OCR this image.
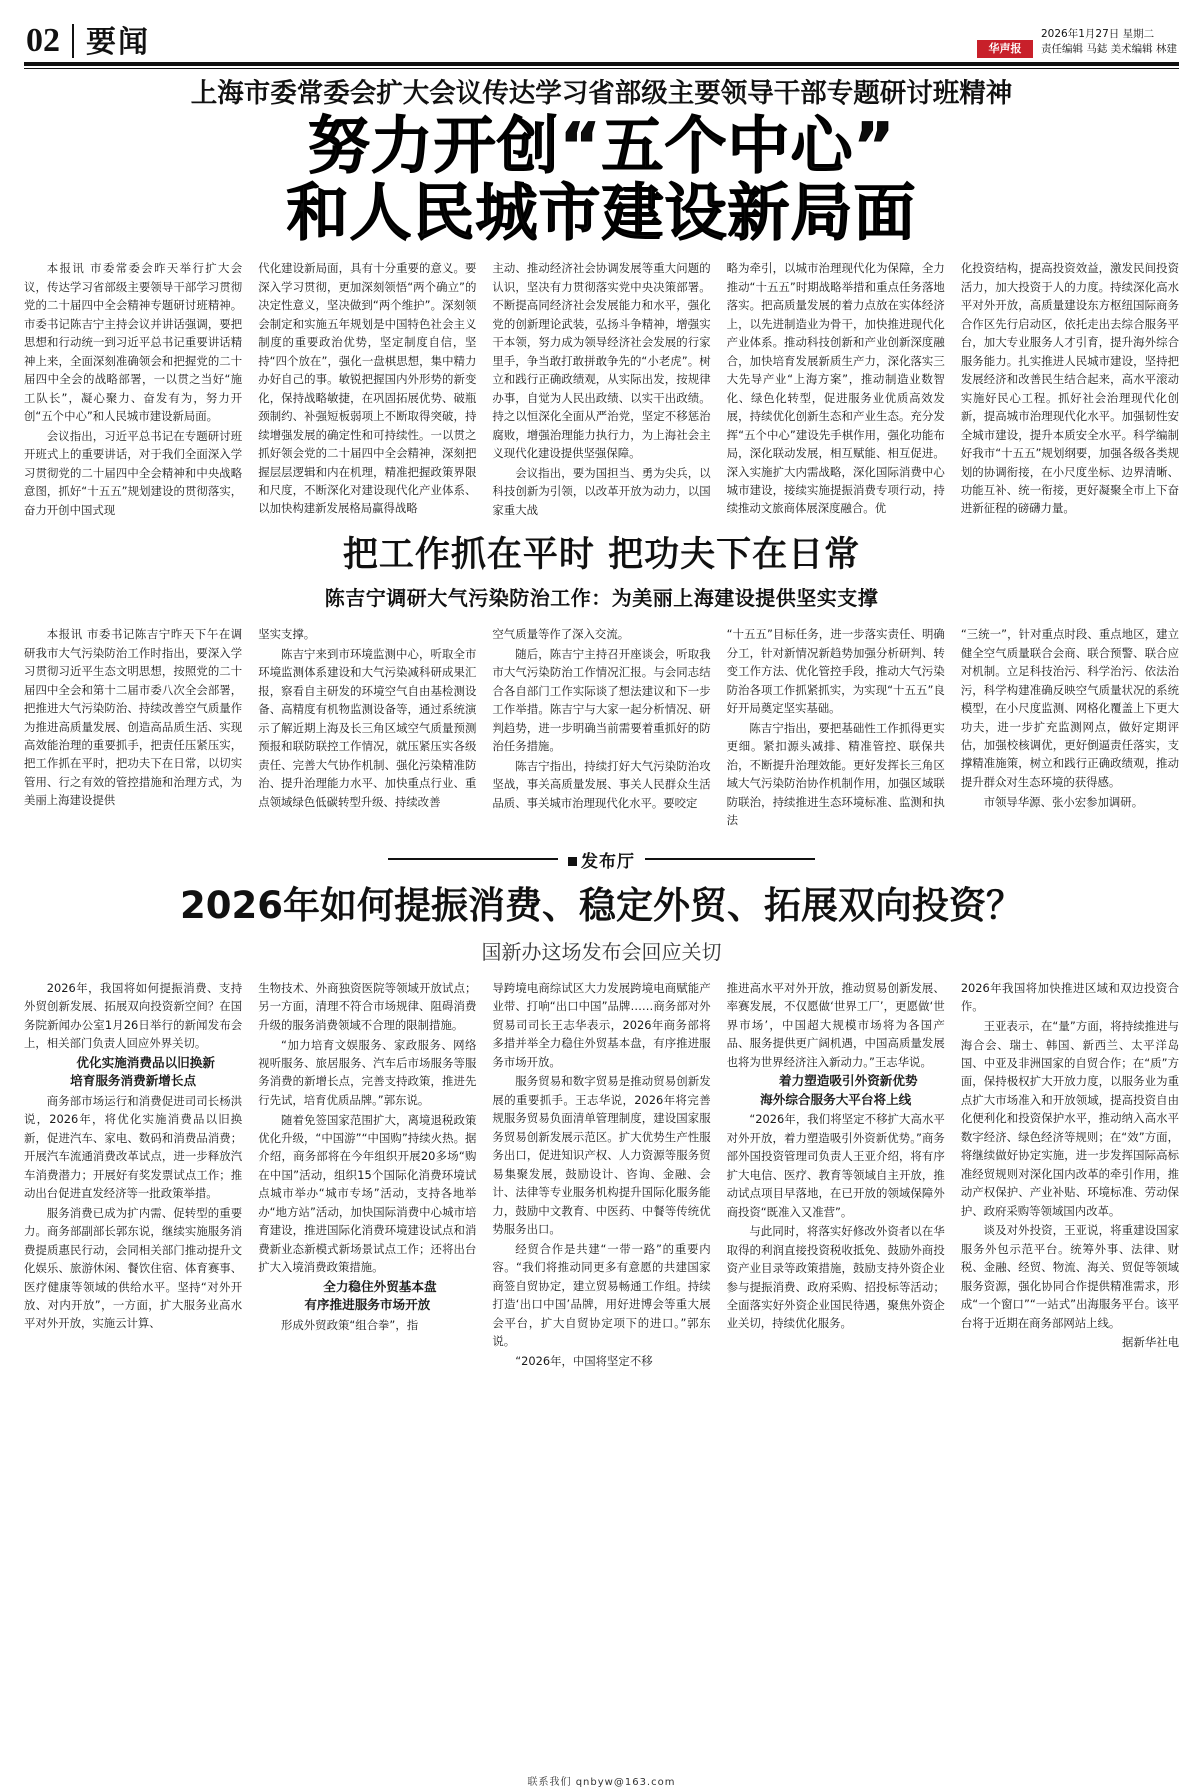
02 要闻	华声报
2026年1月27日 星期二
责任编辑 马鋕 美术编辑 林建
上海市委常委会扩大会议传达学习省部级主要领导干部专题研讨班精神
努力开创“五个中心”
和人民城市建设新局面

本报讯 市委常委会昨天举行扩大会议，传达学习省部级主要领导干部学习贯彻党的二十届四中全会精神专题研讨班精神。市委书记陈吉宁主持会议并讲话强调，要把思想和行动统一到习近平总书记重要讲话精神上来，全面深刻准确领会和把握党的二十届四中全会的战略部署，一以贯之当好“施工队长”，凝心聚力、奋发有为，努力开创“五个中心”和人民城市建设新局面。

会议指出，习近平总书记在专题研讨班开班式上的重要讲话，对于我们全面深入学习贯彻党的二十届四中全会精神和中央战略意图，抓好“十五五”规划建设的贯彻落实，奋力开创中国式现

代化建设新局面，具有十分重要的意义。要深入学习贯彻，更加深刻领悟“两个确立”的决定性意义，坚决做到“两个维护”。深刻领会制定和实施五年规划是中国特色社会主义制度的重要政治优势，坚定制度自信，坚持“四个放在”，强化一盘棋思想，集中精力办好自己的事。敏锐把握国内外形势的新变化，保持战略敏捷，在巩固拓展优势、破瓶颈制约、补强短板弱项上不断取得突破，持续增强发展的确定性和可持续性。一以贯之抓好领会党的二十届四中全会精神，深刻把握层层逻辑和内在机理，精准把握政策界限和尺度，不断深化对建设现代化产业体系、以加快构建新发展格局赢得战略

主动、推动经济社会协调发展等重大问题的认识，坚决有力贯彻落实党中央决策部署。不断提高同经济社会发展能力和水平，强化党的创新理论武装，弘扬斗争精神，增强实干本领，努力成为领导经济社会发展的行家里手，争当敢打敢拼敢争先的“小老虎”。树立和践行正确政绩观，从实际出发，按规律办事，自觉为人民出政绩、以实干出政绩。持之以恒深化全面从严治党，坚定不移惩治腐败，增强治理能力执行力，为上海社会主义现代化建设提供坚强保障。

会议指出，要为国担当、勇为尖兵，以科技创新为引领，以改革开放为动力，以国家重大战

略为牵引，以城市治理现代化为保障，全力推动“十五五”时期战略举措和重点任务落地落实。把高质量发展的着力点放在实体经济上，以先进制造业为骨干，加快推进现代化产业体系。推动科技创新和产业创新深度融合，加快培育发展新质生产力，深化落实三大先导产业“上海方案”，推动制造业数智化、绿色化转型，促进服务业优质高效发展，持续优化创新生态和产业生态。充分发挥“五个中心”建设先手棋作用，强化功能布局，深化联动发展，相互赋能、相互促进。深入实施扩大内需战略，深化国际消费中心城市建设，接续实施提振消费专项行动，持续推动文旅商体展深度融合。优

化投资结构，提高投资效益，激发民间投资活力，加大投资于人的力度。持续深化高水平对外开放，高质量建设东方枢纽国际商务合作区先行启动区，依托走出去综合服务平台，加大专业服务人才引育，提升海外综合服务能力。扎实推进人民城市建设，坚持把发展经济和改善民生结合起来，高水平滚动实施好民心工程。抓好社会治理现代化创新，提高城市治理现代化水平。加强韧性安全城市建设，提升本质安全水平。科学编制好我市“十五五”规划纲要，加强各级各类规划的协调衔接，在小尺度坐标、边界清晰、功能互补、统一衔接，更好凝聚全市上下奋进新征程的磅礴力量。

把工作抓在平时 把功夫下在日常
陈吉宁调研大气污染防治工作：为美丽上海建设提供坚实支撑

本报讯 市委书记陈吉宁昨天下午在调研我市大气污染防治工作时指出，要深入学习贯彻习近平生态文明思想，按照党的二十届四中全会和第十二届市委八次全会部署，把推进大气污染防治、持续改善空气质量作为推进高质量发展、创造高品质生活、实现高效能治理的重要抓手，把责任压紧压实，把工作抓在平时，把功夫下在日常，以切实管用、行之有效的管控措施和治理方式，为美丽上海建设提供

坚实支撑。

陈吉宁来到市环境监测中心，听取全市环境监测体系建设和大气污染减科研成果汇报，察看自主研发的环境空气自由基检测设备、高精度有机物监测设备等，通过系统演示了解近期上海及长三角区域空气质量预测预报和联防联控工作情况，就压紧压实各级责任、完善大气协作机制、强化污染精准防治、提升治理能力水平、加快重点行业、重点领域绿色低碳转型升级、持续改善

空气质量等作了深入交流。

随后，陈吉宁主持召开座谈会，听取我市大气污染防治工作情况汇报。与会同志结合各自部门工作实际谈了想法建议和下一步工作举措。陈吉宁与大家一起分析情况、研判趋势，进一步明确当前需要着重抓好的防治任务措施。

陈吉宁指出，持续打好大气污染防治攻坚战，事关高质量发展、事关人民群众生活品质、事关城市治理现代化水平。要咬定

“十五五”目标任务，进一步落实责任、明确分工，针对新情况新趋势加强分析研判、转变工作方法、优化管控手段，推动大气污染防治各项工作抓紧抓实，为实现“十五五”良好开局奠定坚实基础。

陈吉宁指出，要把基础性工作抓得更实更细。紧扣源头减排、精准管控、联保共治，不断提升治理效能。更好发挥长三角区域大气污染防治协作机制作用，加强区域联防联治，持续推进生态环境标准、监测和执法

“三统一”，针对重点时段、重点地区，建立健全空气质量联合会商、联合预警、联合应对机制。立足科技治污、科学治污、依法治污，科学构建准确反映空气质量状况的系统模型，在小尺度监测、网格化覆盖上下更大功夫，进一步扩充监测网点，做好定期评估，加强校核调优，更好倒逼责任落实，支撑精准施策，树立和践行正确政绩观，推动提升群众对生态环境的获得感。

市领导华源、张小宏参加调研。

发布厅
2026年如何提振消费、稳定外贸、拓展双向投资？
国新办这场发布会回应关切

2026年，我国将如何提振消费、支持外贸创新发展、拓展双向投资新空间？在国务院新闻办公室1月26日举行的新闻发布会上，相关部门负责人回应外界关切。

优化实施消费品以旧换新
培育服务消费新增长点

商务部市场运行和消费促进司司长杨洪说，2026年，将优化实施消费品以旧换新，促进汽车、家电、数码和消费品消费；开展汽车流通消费改革试点，进一步释放汽车消费潜力；开展好有奖发票试点工作；推动出台促进直发经济等一批政策举措。

服务消费已成为扩内需、促转型的重要力。商务部副部长郭东说，继续实施服务消费提质惠民行动，会同相关部门推动提升文化娱乐、旅游休闲、餐饮住宿、体育赛事、医疗健康等领域的供给水平。坚持“对外开放、对内开放”，一方面，扩大服务业高水平对外开放，实施云计算、

生物技术、外商独资医院等领域开放试点；另一方面，清理不符合市场规律、阻碍消费升级的服务消费领域不合理的限制措施。

“加力培育文娱服务、家政服务、网络视听服务、旅居服务、汽车后市场服务等服务消费的新增长点，完善支持政策，推进先行先试，培育优质品牌。”郭东说。

随着免签国家范围扩大，离境退税政策优化升级，“中国游”“中国购”持续火热。据介绍，商务部将在今年组织开展20多场“购在中国”活动，组织15个国际化消费环境试点城市举办“城市专场”活动，支持各地举办“地方站”活动，加快国际消费中心城市培育建设，推进国际化消费环境建设试点和消费新业态新模式新场景试点工作；还将出台扩大入境消费政策措施。

全力稳住外贸基本盘
有序推进服务市场开放

形成外贸政策“组合拳”，指

导跨境电商综试区大力发展跨境电商赋能产业带、打响“出口中国”品牌……商务部对外贸易司司长王志华表示，2026年商务部将多措并举全力稳住外贸基本盘，有序推进服务市场开放。

服务贸易和数字贸易是推动贸易创新发展的重要抓手。王志华说，2026年将完善规服务贸易负面清单管理制度，建设国家服务贸易创新发展示范区。扩大优势生产性服务出口，促进知识产权、人力资源等服务贸易集聚发展，鼓励设计、咨询、金融、会计、法律等专业服务机构提升国际化服务能力，鼓励中文教育、中医药、中餐等传统优势服务出口。

经贸合作是共建“一带一路”的重要内容。“我们将推动同更多有意愿的共建国家商签自贸协定，建立贸易畅通工作组。持续打造‘出口中国’品牌，用好进博会等重大展会平台，扩大自贸协定项下的进口。”郭东说。

“2026年，中国将坚定不移

推进高水平对外开放，推动贸易创新发展、率赛发展，不仅愿做‘世界工厂’，更愿做‘世界市场’，中国超大规模市场将为各国产品、服务提供更广阔机遇，中国高质量发展也将为世界经济注入新动力。”王志华说。

着力塑造吸引外资新优势
海外综合服务大平台将上线

“2026年，我们将坚定不移扩大高水平对外开放，着力塑造吸引外资新优势。”商务部外国投资管理司负责人王亚介绍，将有序扩大电信、医疗、教育等领域自主开放，推动试点项目早落地，在已开放的领域保障外商投资“既准入又准营”。

与此同时，将落实好修改外资者以在华取得的利润直接投资税收抵免、鼓励外商投资产业目录等政策措施，鼓励支持外资企业参与提振消费、政府采购、招投标等活动；全面落实好外资企业国民待遇，聚焦外资企业关切，持续优化服务。

2026年我国将加快推进区域和双边投资合作。

王亚表示，在“量”方面，将持续推进与海合会、瑞士、韩国、新西兰、太平洋岛国、中亚及非洲国家的自贸合作；在“质”方面，保持极权扩大开放力度，以服务业为重点扩大市场准入和开放领域，提高投资自由化便利化和投资保护水平，推动纳入高水平数字经济、绿色经济等规则；在“效”方面，将继续做好协定实施，进一步发挥国际高标准经贸规则对深化国内改革的牵引作用，推动产权保护、产业补贴、环境标准、劳动保护、政府采购等领域国内改革。

谈及对外投资，王亚说，将重建设国家服务外包示范平台。统筹外事、法律、财税、金融、经贸、物流、海关、贸促等领域服务资源，强化协同合作提供精准需求，形成“一个窗口”“一站式”出海服务平台。该平台将于近期在商务部网站上线。

据新华社电

联系我们 qnbyw@163.com
